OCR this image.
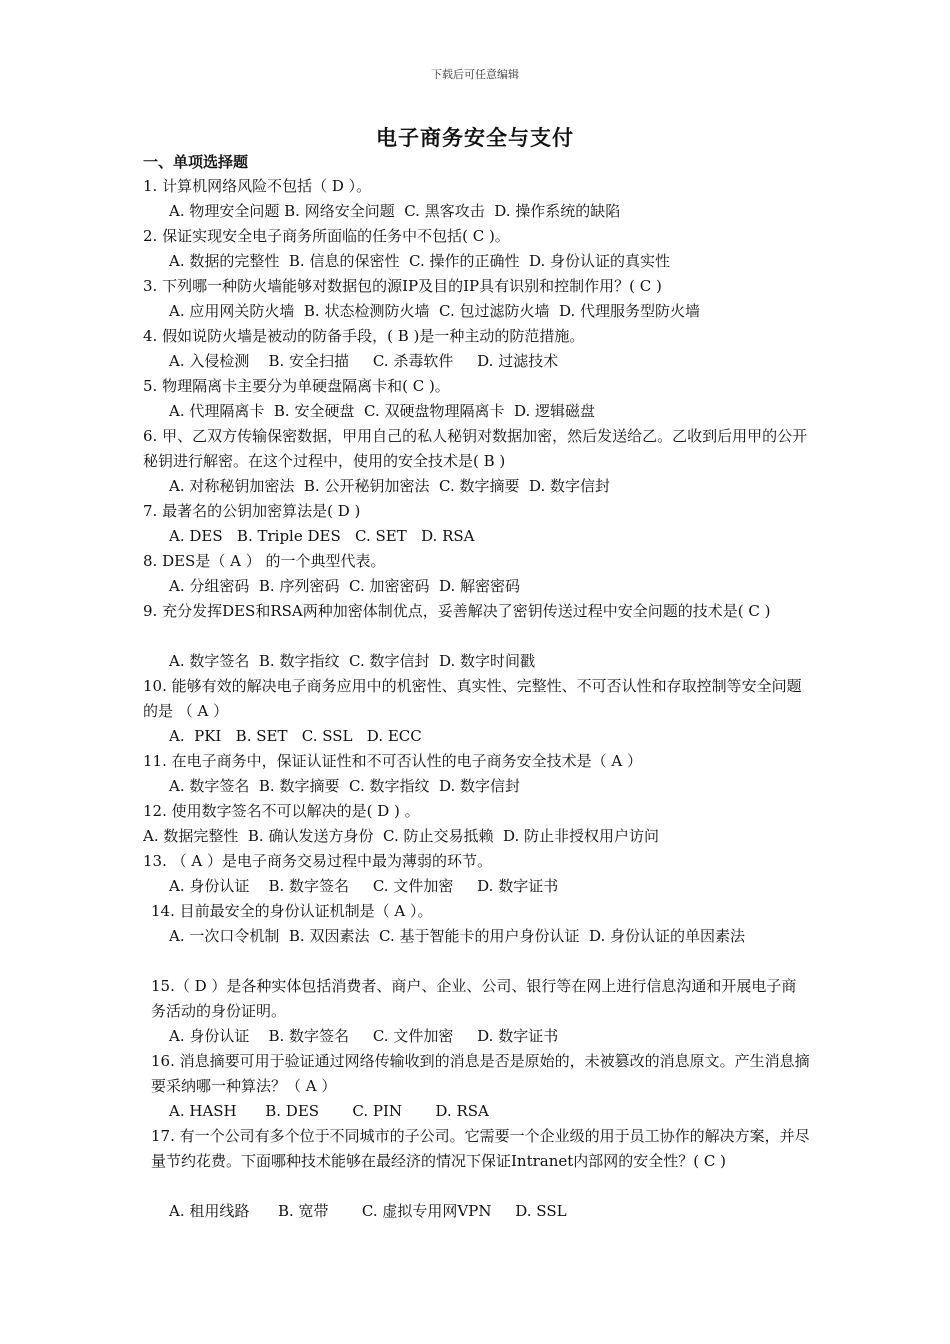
下载后可任意编辑
电子商务安全与支付
一、单项选择题
1. 计算机网络风险不包括（ D ）。
A. 物理安全问题 B. 网络安全问题  C. 黑客攻击  D. 操作系统的缺陷
2. 保证实现安全电子商务所面临的任务中不包括( C )。
A. 数据的完整性  B. 信息的保密性  C. 操作的正确性  D. 身份认证的真实性
3. 下列哪一种防火墙能够对数据包的源IP及目的IP具有识别和控制作用？( C )
A. 应用网关防火墙  B. 状态检测防火墙  C. 包过滤防火墙  D. 代理服务型防火墙
4. 假如说防火墙是被动的防备手段，( B )是一种主动的防范措施。
A. 入侵检测    B. 安全扫描     C. 杀毒软件     D. 过滤技术
5. 物理隔离卡主要分为单硬盘隔离卡和( C )。
A. 代理隔离卡  B. 安全硬盘  C. 双硬盘物理隔离卡  D. 逻辑磁盘
6. 甲、乙双方传输保密数据，甲用自己的私人秘钥对数据加密，然后发送给乙。乙收到后用甲的公开秘钥进行解密。在这个过程中，使用的安全技术是( B )
A. 对称秘钥加密法  B. 公开秘钥加密法  C. 数字摘要  D. 数字信封
7. 最著名的公钥加密算法是( D )
A. DES   B. Triple DES   C. SET   D. RSA
8. DES是（ A ） 的一个典型代表。
A. 分组密码  B. 序列密码  C. 加密密码  D. 解密密码
9. 充分发挥DES和RSA两种加密体制优点，妥善解决了密钥传送过程中安全问题的技术是( C )
A. 数字签名  B. 数字指纹  C. 数字信封  D. 数字时间戳
10. 能够有效的解决电子商务应用中的机密性、真实性、完整性、不可否认性和存取控制等安全问题的是 （ A ）
A.  PKI   B. SET   C. SSL   D. ECC
11. 在电子商务中，保证认证性和不可否认性的电子商务安全技术是（ A ）
A. 数字签名  B. 数字摘要  C. 数字指纹  D. 数字信封
12. 使用数字签名不可以解决的是( D ) 。
A. 数据完整性  B. 确认发送方身份  C. 防止交易抵赖  D. 防止非授权用户访问
13. （ A ）是电子商务交易过程中最为薄弱的环节。
A. 身份认证    B. 数字签名     C. 文件加密     D. 数字证书
14. 目前最安全的身份认证机制是（ A ）。
A. 一次口令机制  B. 双因素法  C. 基于智能卡的用户身份认证  D. 身份认证的单因素法
15.（ D ）是各种实体包括消费者、商户、企业、公司、银行等在网上进行信息沟通和开展电子商务活动的身份证明。
A. 身份认证    B. 数字签名     C. 文件加密     D. 数字证书
16. 消息摘要可用于验证通过网络传输收到的消息是否是原始的，未被篡改的消息原文。产生消息摘要采纳哪一种算法？（ A ）
A. HASH      B. DES       C. PIN       D. RSA
17. 有一个公司有多个位于不同城市的子公司。它需要一个企业级的用于员工协作的解决方案，并尽量节约花费。下面哪种技术能够在最经济的情况下保证Intranet内部网的安全性？( C )
A. 租用线路      B. 宽带       C. 虚拟专用网VPN     D. SSL
